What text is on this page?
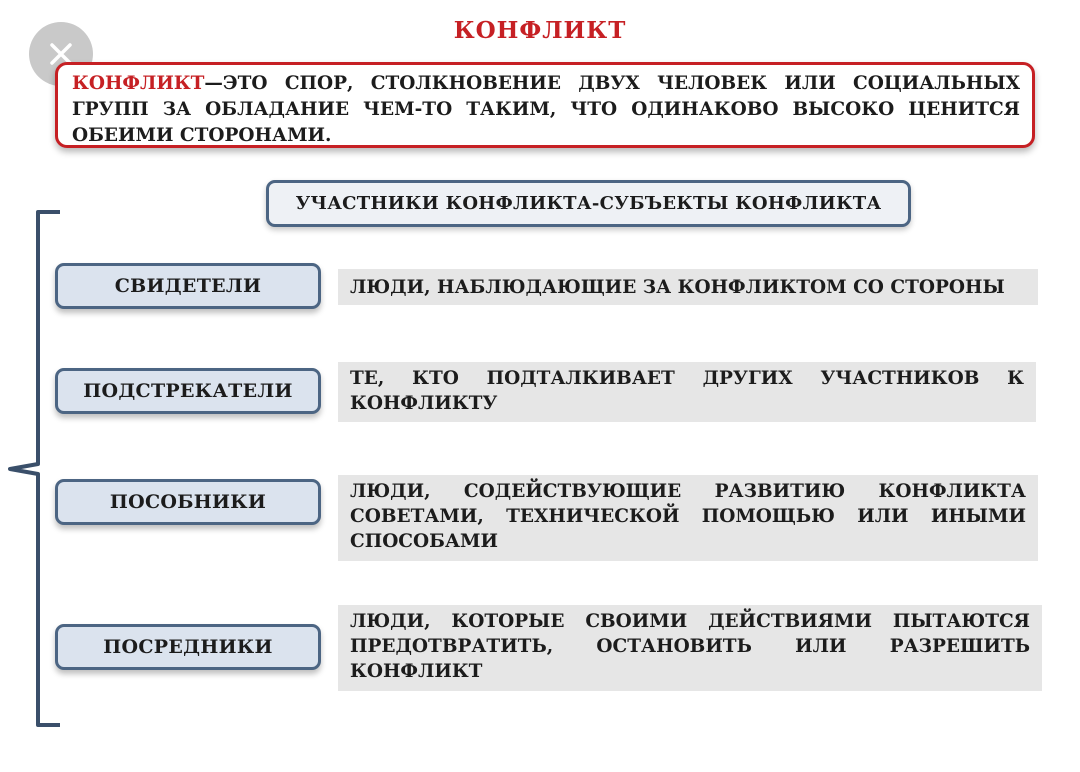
КОНФЛИКТ
КОНФЛИКТ—ЭТО СПОР, СТОЛКНОВЕНИЕ ДВУХ ЧЕЛОВЕК ИЛИ СОЦИАЛЬНЫХ ГРУПП ЗА ОБЛАДАНИЕ ЧЕМ-ТО ТАКИМ, ЧТО ОДИНАКОВО ВЫСОКО ЦЕНИТСЯ ОБЕИМИ СТОРОНАМИ.
УЧАСТНИКИ КОНФЛИКТА-СУБЪЕКТЫ КОНФЛИКТА
СВИДЕТЕЛИ	ЛЮДИ, НАБЛЮДАЮЩИЕ ЗА КОНФЛИКТОМ СО СТОРОНЫ
ПОДСТРЕКАТЕЛИ
ТЕ, КТО ПОДТАЛКИВАЕТ ДРУГИХ УЧАСТНИКОВ К КОНФЛИКТУ
ПОСОБНИКИ	ЛЮДИ, СОДЕЙСТВУЮЩИЕ РАЗВИТИЮ КОНФЛИКТА СОВЕТАМИ, ТЕХНИЧЕСКОЙ ПОМОЩЬЮ ИЛИ ИНЫМИ СПОСОБАМИ
ПОСРЕДНИКИ
ЛЮДИ, КОТОРЫЕ СВОИМИ ДЕЙСТВИЯМИ ПЫТАЮТСЯ ПРЕДОТВРАТИТЬ, ОСТАНОВИТЬ ИЛИ РАЗРЕШИТЬ КОНФЛИКТ
